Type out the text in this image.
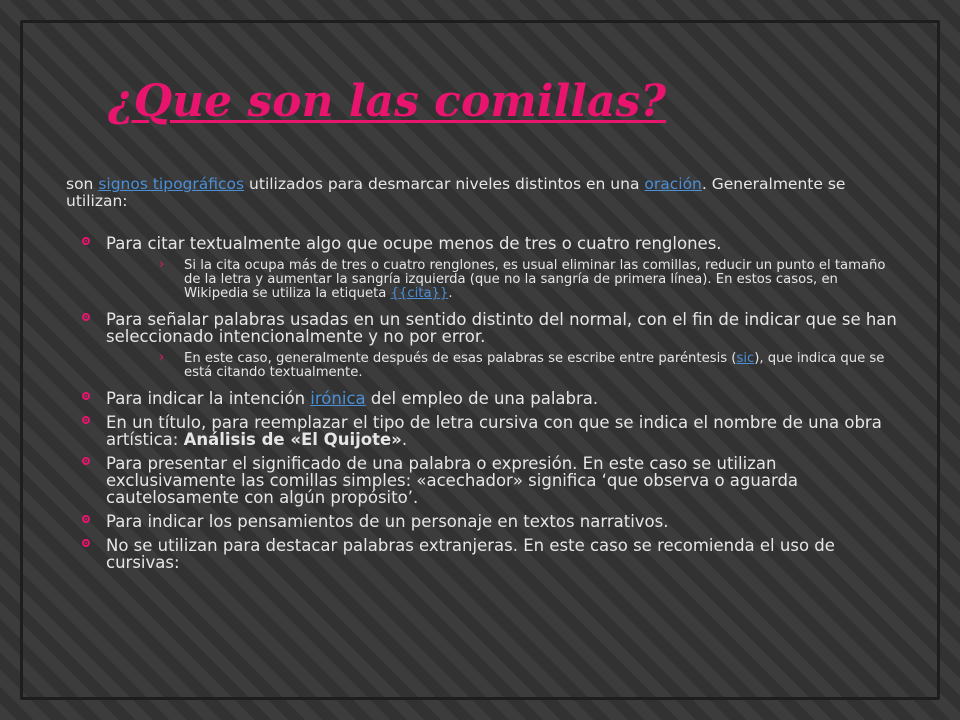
¿Que son las comillas?

son signos tipográficos utilizados para desmarcar niveles distintos en una oración. Generalmente se utilizan:

Para citar textualmente algo que ocupe menos de tres o cuatro renglones.
› Si la cita ocupa más de tres o cuatro renglones, es usual eliminar las comillas, reducir un punto el tamaño de la letra y aumentar la sangría izquierda (que no la sangría de primera línea). En estos casos, en Wikipedia se utiliza la etiqueta {{cita}}.
Para señalar palabras usadas en un sentido distinto del normal, con el fin de indicar que se han seleccionado intencionalmente y no por error.
› En este caso, generalmente después de esas palabras se escribe entre paréntesis (sic), que indica que se está citando textualmente.
Para indicar la intención irónica del empleo de una palabra.
En un título, para reemplazar el tipo de letra cursiva con que se indica el nombre de una obra artística: Análisis de «El Quijote».
Para presentar el significado de una palabra o expresión. En este caso se utilizan exclusivamente las comillas simples: «acechador» significa ‘que observa o aguarda cautelosamente con algún propósito’.
Para indicar los pensamientos de un personaje en textos narrativos.
No se utilizan para destacar palabras extranjeras. En este caso se recomienda el uso de cursivas:
